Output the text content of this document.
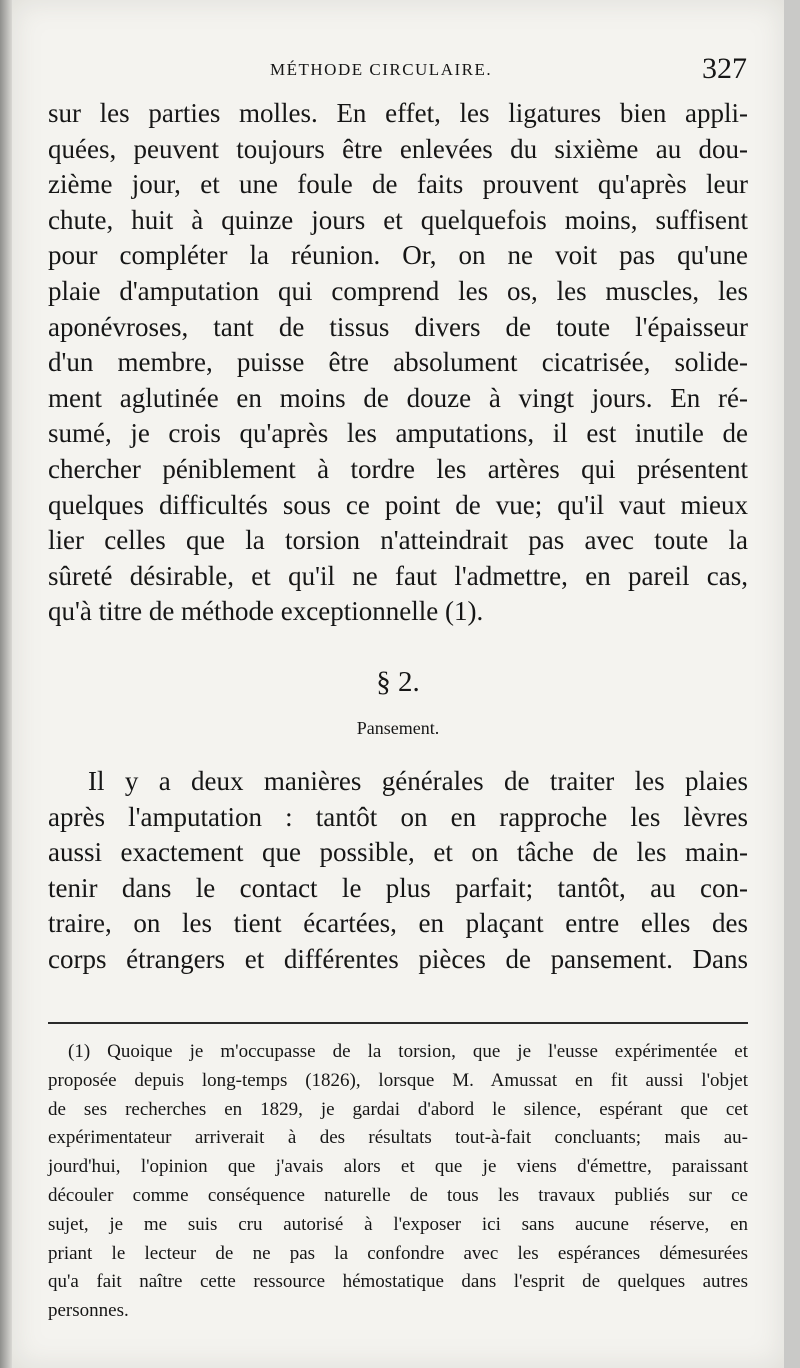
MÉTHODE CIRCULAIRE.	327
sur les parties molles. En effet, les ligatures bien appli-
quées, peuvent toujours être enlevées du sixième au dou-
zième jour, et une foule de faits prouvent qu'après leur
chute, huit à quinze jours et quelquefois moins, suffisent
pour compléter la réunion. Or, on ne voit pas qu'une
plaie d'amputation qui comprend les os, les muscles, les
aponévroses, tant de tissus divers de toute l'épaisseur
d'un membre, puisse être absolument cicatrisée, solide-
ment aglutinée en moins de douze à vingt jours. En ré-
sumé, je crois qu'après les amputations, il est inutile de
chercher péniblement à tordre les artères qui présentent
quelques difficultés sous ce point de vue; qu'il vaut mieux
lier celles que la torsion n'atteindrait pas avec toute la
sûreté désirable, et qu'il ne faut l'admettre, en pareil cas,
qu'à titre de méthode exceptionnelle (1).
§ 2.
Pansement.
Il y a deux manières générales de traiter les plaies
après l'amputation : tantôt on en rapproche les lèvres
aussi exactement que possible, et on tâche de les main-
tenir dans le contact le plus parfait; tantôt, au con-
traire, on les tient écartées, en plaçant entre elles des
corps étrangers et différentes pièces de pansement. Dans
(1) Quoique je m'occupasse de la torsion, que je l'eusse expérimentée et
proposée depuis long-temps (1826), lorsque M. Amussat en fit aussi l'objet
de ses recherches en 1829, je gardai d'abord le silence, espérant que cet
expérimentateur arriverait à des résultats tout-à-fait concluants; mais au-
jourd'hui, l'opinion que j'avais alors et que je viens d'émettre, paraissant
découler comme conséquence naturelle de tous les travaux publiés sur ce
sujet, je me suis cru autorisé à l'exposer ici sans aucune réserve, en
priant le lecteur de ne pas la confondre avec les espérances démesurées
qu'a fait naître cette ressource hémostatique dans l'esprit de quelques autres
personnes.
